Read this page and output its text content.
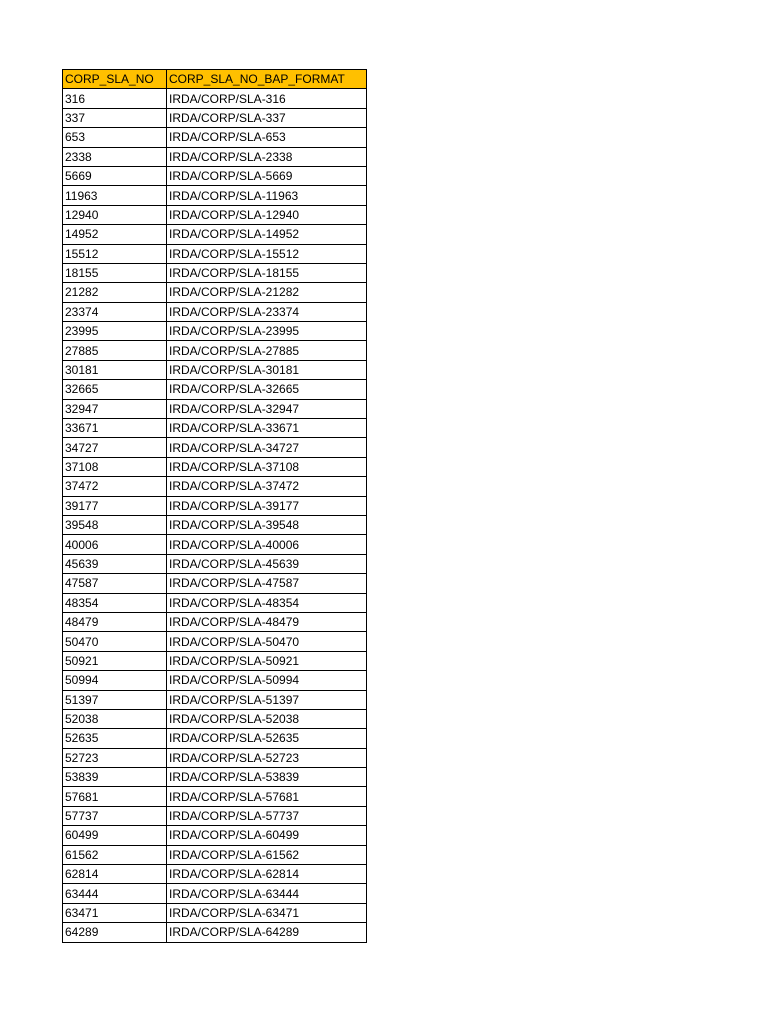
CORP_SLA_NO	CORP_SLA_NO_BAP_FORMAT
316	IRDA/CORP/SLA-316
337	IRDA/CORP/SLA-337
653	IRDA/CORP/SLA-653
2338	IRDA/CORP/SLA-2338
5669	IRDA/CORP/SLA-5669
11963	IRDA/CORP/SLA-11963
12940	IRDA/CORP/SLA-12940
14952	IRDA/CORP/SLA-14952
15512	IRDA/CORP/SLA-15512
18155	IRDA/CORP/SLA-18155
21282	IRDA/CORP/SLA-21282
23374	IRDA/CORP/SLA-23374
23995	IRDA/CORP/SLA-23995
27885	IRDA/CORP/SLA-27885
30181	IRDA/CORP/SLA-30181
32665	IRDA/CORP/SLA-32665
32947	IRDA/CORP/SLA-32947
33671	IRDA/CORP/SLA-33671
34727	IRDA/CORP/SLA-34727
37108	IRDA/CORP/SLA-37108
37472	IRDA/CORP/SLA-37472
39177	IRDA/CORP/SLA-39177
39548	IRDA/CORP/SLA-39548
40006	IRDA/CORP/SLA-40006
45639	IRDA/CORP/SLA-45639
47587	IRDA/CORP/SLA-47587
48354	IRDA/CORP/SLA-48354
48479	IRDA/CORP/SLA-48479
50470	IRDA/CORP/SLA-50470
50921	IRDA/CORP/SLA-50921
50994	IRDA/CORP/SLA-50994
51397	IRDA/CORP/SLA-51397
52038	IRDA/CORP/SLA-52038
52635	IRDA/CORP/SLA-52635
52723	IRDA/CORP/SLA-52723
53839	IRDA/CORP/SLA-53839
57681	IRDA/CORP/SLA-57681
57737	IRDA/CORP/SLA-57737
60499	IRDA/CORP/SLA-60499
61562	IRDA/CORP/SLA-61562
62814	IRDA/CORP/SLA-62814
63444	IRDA/CORP/SLA-63444
63471	IRDA/CORP/SLA-63471
64289	IRDA/CORP/SLA-64289
